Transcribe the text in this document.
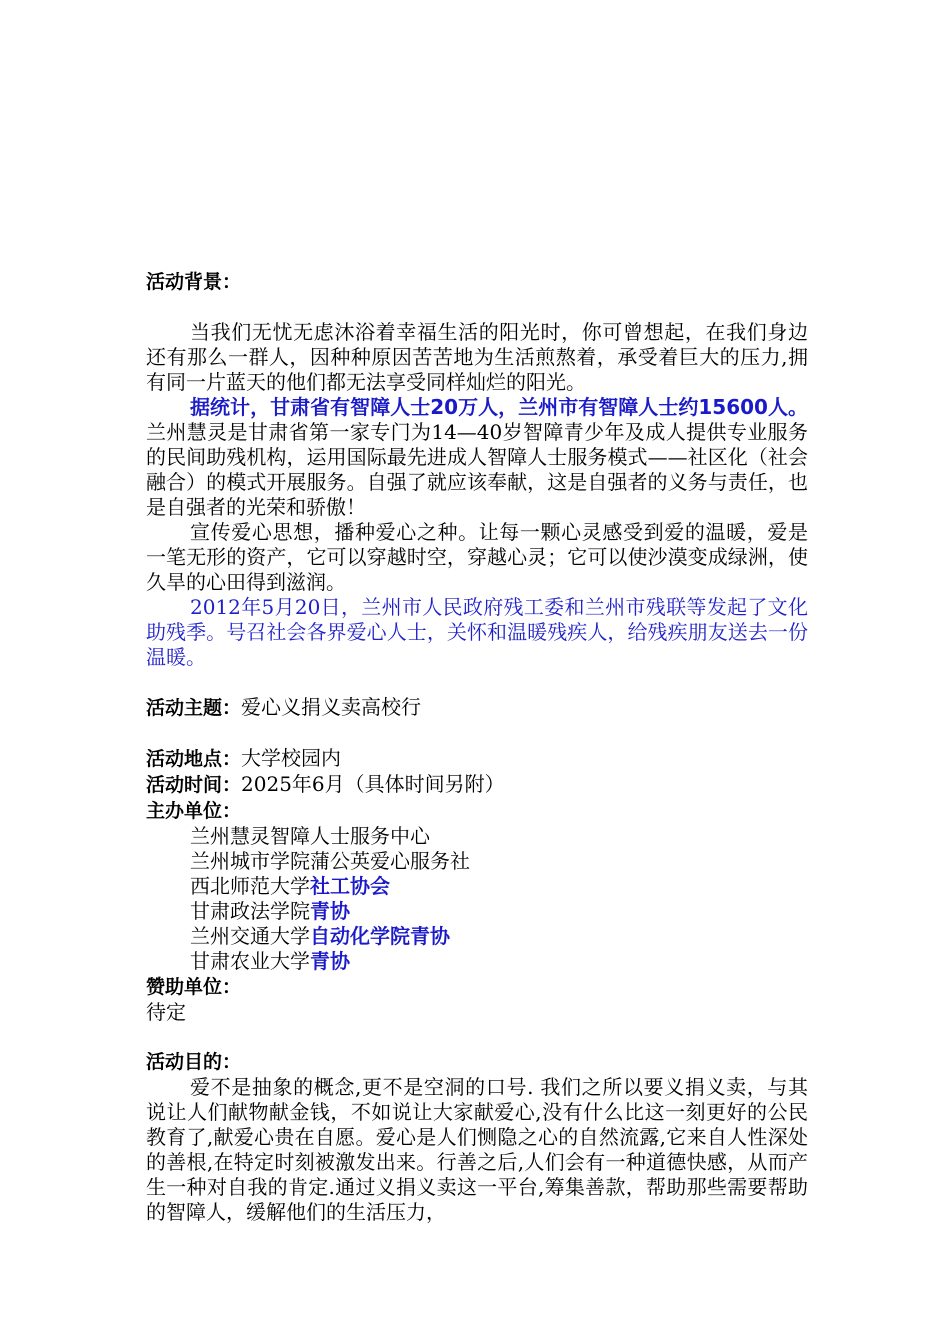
活动背景：

当我们无忧无虑沐浴着幸福生活的阳光时，你可曾想起，在我们身边还有那么一群人，因种种原因苦苦地为生活煎熬着，承受着巨大的压力,拥有同一片蓝天的他们都无法享受同样灿烂的阳光。

据统计，甘肃省有智障人士20万人，兰州市有智障人士约15600人。兰州慧灵是甘肃省第一家专门为14—40岁智障青少年及成人提供专业服务的民间助残机构，运用国际最先进成人智障人士服务模式——社区化（社会融合）的模式开展服务。自强了就应该奉献，这是自强者的义务与责任，也是自强者的光荣和骄傲！

宣传爱心思想，播种爱心之种。让每一颗心灵感受到爱的温暖，爱是一笔无形的资产，它可以穿越时空，穿越心灵；它可以使沙漠变成绿洲，使久旱的心田得到滋润。

2012年5月20日，兰州市人民政府残工委和兰州市残联等发起了文化助残季。号召社会各界爱心人士，关怀和温暖残疾人，给残疾朋友送去一份温暖。

活动主题：爱心义捐义卖高校行

活动地点：大学校园内

活动时间：2025年6月（具体时间另附）

主办单位：

兰州慧灵智障人士服务中心

兰州城市学院蒲公英爱心服务社

西北师范大学社工协会

甘肃政法学院青协

兰州交通大学自动化学院青协

甘肃农业大学青协

赞助单位：

待定

活动目的：

爱不是抽象的概念,更不是空洞的口号. 我们之所以要义捐义卖，与其说让人们献物献金钱，不如说让大家献爱心,没有什么比这一刻更好的公民教育了,献爱心贵在自愿。爱心是人们恻隐之心的自然流露,它来自人性深处的善根,在特定时刻被激发出来。行善之后,人们会有一种道德快感，从而产生一种对自我的肯定.通过义捐义卖这一平台,筹集善款，帮助那些需要帮助的智障人，缓解他们的生活压力，
